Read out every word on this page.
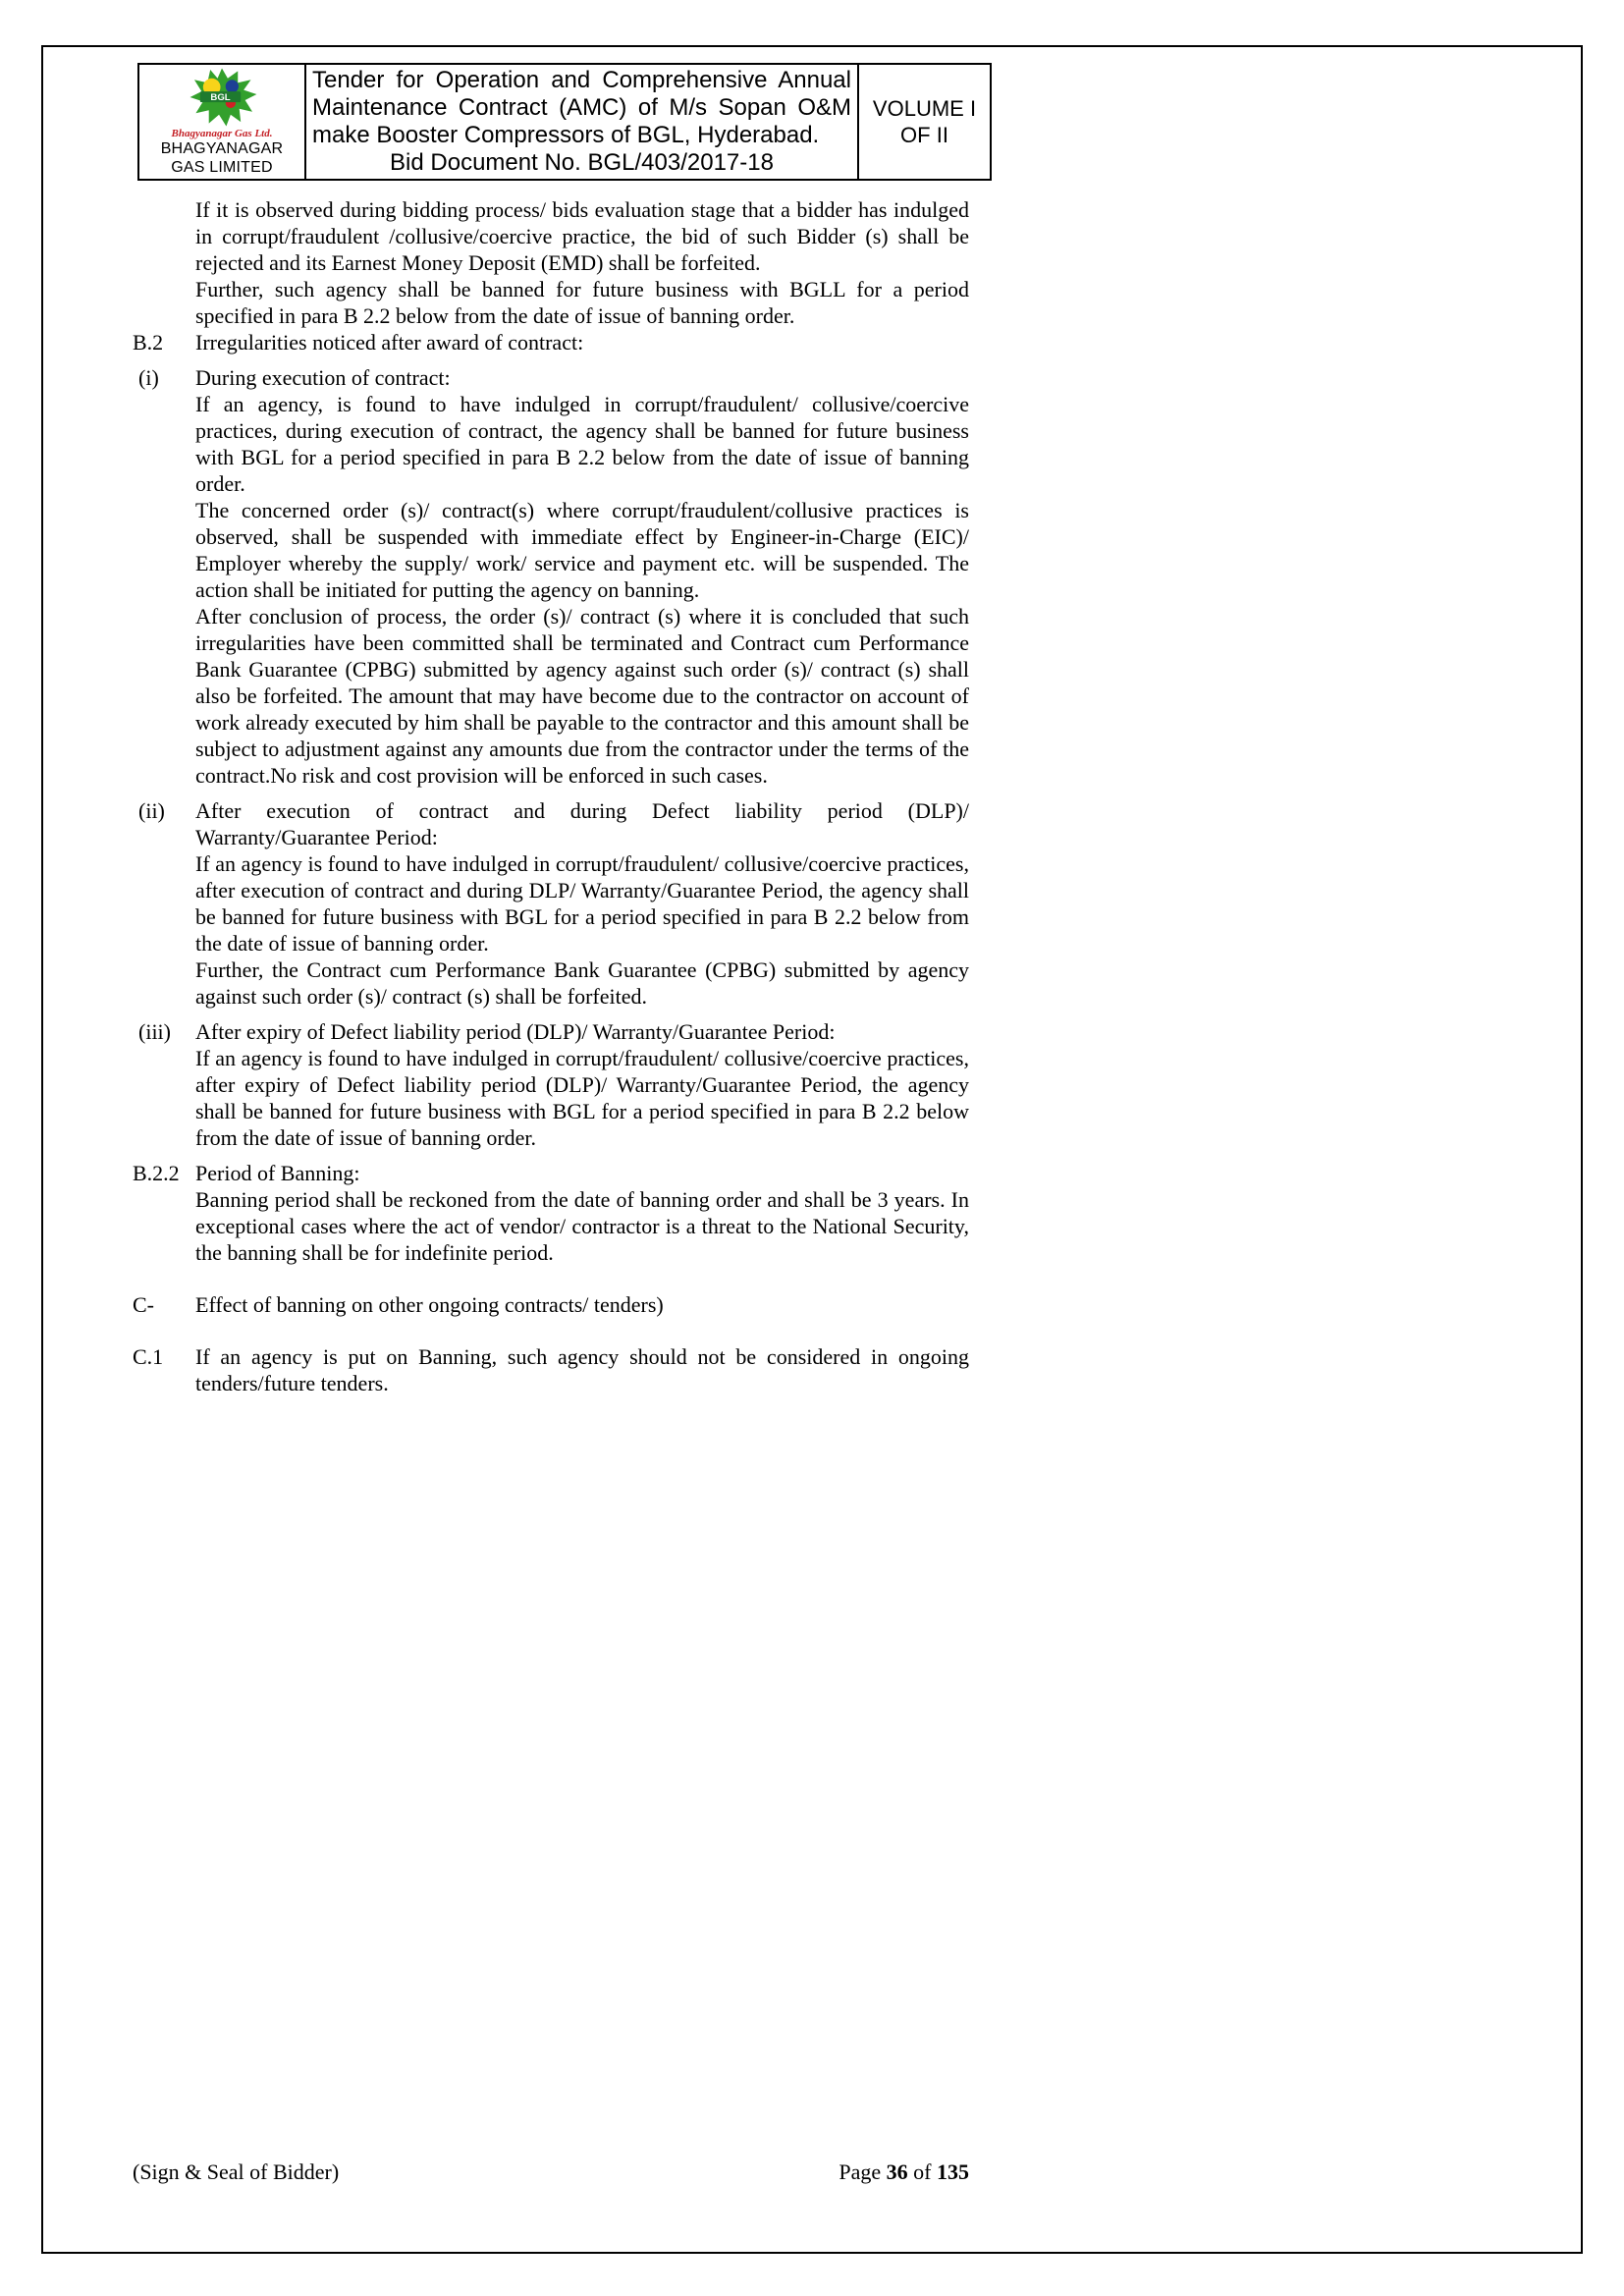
BGL
Bhagyanagar Gas Ltd.
BHAGYANAGAR GAS LIMITED

Tender for Operation and Comprehensive Annual Maintenance Contract (AMC) of M/s Sopan O&M make Booster Compressors of BGL, Hyderabad.
Bid Document No. BGL/403/2017-18

VOLUME I
OF II

If it is observed during bidding process/ bids evaluation stage that a bidder has indulged in corrupt/fraudulent /collusive/coercive practice, the bid of such Bidder (s) shall be rejected and its Earnest Money Deposit (EMD) shall be forfeited.

Further, such agency shall be banned for future business with BGLL for a period specified in para B 2.2 below from the date of issue of banning order.

B.2	Irregularities noticed after award of contract:

(i)	During execution of contract:

If an agency, is found to have indulged in corrupt/fraudulent/ collusive/coercive practices, during execution of contract, the agency shall be banned for future business with BGL for a period specified in para B 2.2 below from the date of issue of banning order.

The concerned order (s)/ contract(s) where corrupt/fraudulent/collusive practices is observed, shall be suspended with immediate effect by Engineer-in-Charge (EIC)/ Employer whereby the supply/ work/ service and payment etc. will be suspended. The action shall be initiated for putting the agency on banning.

After conclusion of process, the order (s)/ contract (s) where it is concluded that such irregularities have been committed shall be terminated and Contract cum Performance Bank Guarantee (CPBG) submitted by agency against such order (s)/ contract (s) shall also be forfeited. The amount that may have become due to the contractor on account of work already executed by him shall be payable to the contractor and this amount shall be subject to adjustment against any amounts due from the contractor under the terms of the contract.No risk and cost provision will be enforced in such cases.

(ii)	After execution of contract and during Defect liability period (DLP)/ Warranty/Guarantee Period:

If an agency is found to have indulged in corrupt/fraudulent/ collusive/coercive practices, after execution of contract and during DLP/ Warranty/Guarantee Period, the agency shall be banned for future business with BGL for a period specified in para B 2.2 below from the date of issue of banning order.

Further, the Contract cum Performance Bank Guarantee (CPBG) submitted by agency against such order (s)/ contract (s) shall be forfeited.

(iii)	After expiry of Defect liability period (DLP)/ Warranty/Guarantee Period:

If an agency is found to have indulged in corrupt/fraudulent/ collusive/coercive practices, after expiry of Defect liability period (DLP)/ Warranty/Guarantee Period, the agency shall be banned for future business with BGL for a period specified in para B 2.2 below from the date of issue of banning order.

B.2.2 Period of Banning:

Banning period shall be reckoned from the date of banning order and shall be 3 years. In exceptional cases where the act of vendor/ contractor is a threat to the National Security, the banning shall be for indefinite period.

C-	Effect of banning on other ongoing contracts/ tenders)

C.1	If an agency is put on Banning, such agency should not be considered in ongoing tenders/future tenders.

(Sign & Seal of Bidder)	Page 36 of 135
